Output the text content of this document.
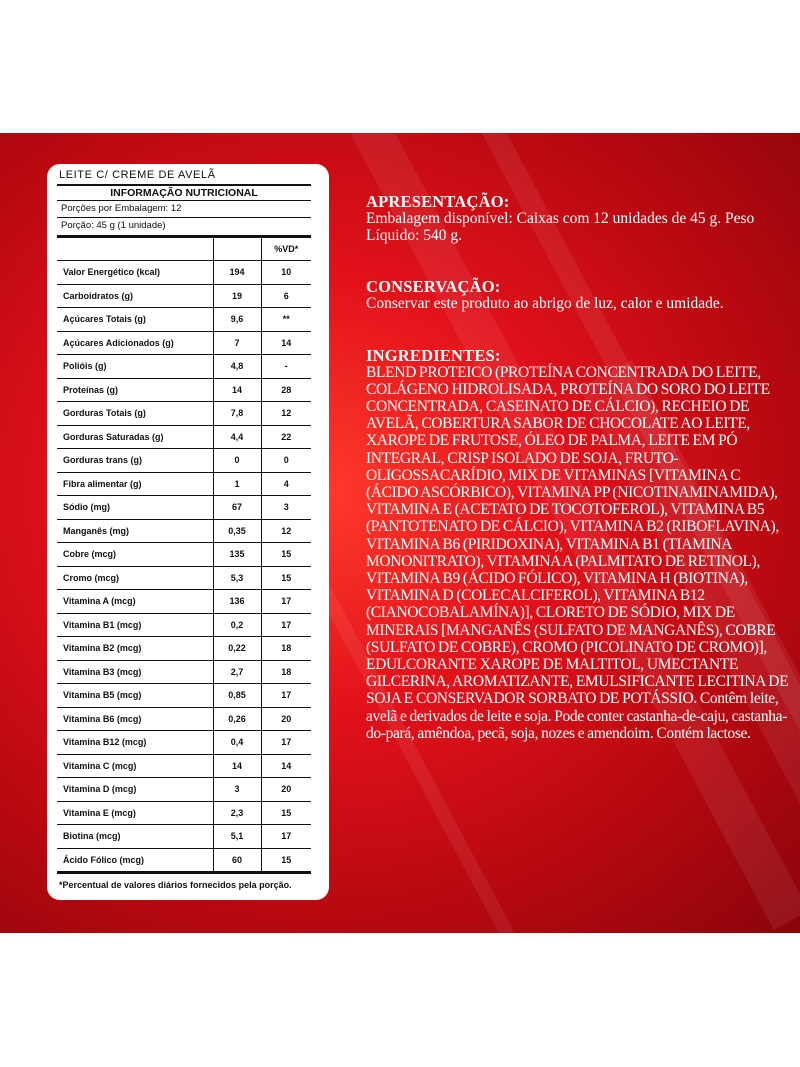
LEITE C/ CREME DE AVELÃ
INFORMAÇÃO NUTRICIONAL
Porções por Embalagem: 12
Porção: 45 g (1 unidade)
		%VD*
Valor Energético (kcal)	194	10
Carboidratos (g)	19	6
Açúcares Totais (g)	9,6	**
Açúcares Adicionados (g)	7	14
Polióis (g)	4,8	-
Proteínas (g)	14	28
Gorduras Totais (g)	7,8	12
Gorduras Saturadas (g)	4,4	22
Gorduras trans (g)	0	0
Fibra alimentar (g)	1	4
Sódio (mg)	67	3
Manganês (mg)	0,35	12
Cobre (mcg)	135	15
Cromo (mcg)	5,3	15
Vitamina A (mcg)	136	17
Vitamina B1 (mcg)	0,2	17
Vitamina B2 (mcg)	0,22	18
Vitamina B3 (mcg)	2,7	18
Vitamina B5 (mcg)	0,85	17
Vitamina B6 (mcg)	0,26	20
Vitamina B12 (mcg)	0,4	17
Vitamina C (mcg)	14	14
Vitamina D (mcg)	3	20
Vitamina E (mcg)	2,3	15
Biotina (mcg)	5,1	17
Ácido Fólico (mcg)	60	15
*Percentual de valores diários fornecidos pela porção.
APRESENTAÇÃO:
Embalagem disponível: Caixas com 12 unidades de 45 g. Peso Líquido: 540 g.
CONSERVAÇÃO:
Conservar este produto ao abrigo de luz, calor e umidade.
INGREDIENTES:
BLEND PROTEICO (PROTEÍNA CONCENTRADA DO LEITE, COLÁGENO HIDROLISADA, PROTEÍNA DO SORO DO LEITE CONCENTRADA, CASEINATO DE CÁLCIO), RECHEIO DE AVELÃ, COBERTURA SABOR DE CHOCOLATE AO LEITE, XAROPE DE FRUTOSE, ÓLEO DE PALMA, LEITE EM PÓ INTEGRAL, CRISP ISOLADO DE SOJA, FRUTO-OLIGOSSACARÍDIO, MIX DE VITAMINAS [VITAMINA C (ÁCIDO ASCÓRBICO), VITAMINA PP (NICOTINAMINAMIDA), VITAMINA E (ACETATO DE TOCOTOFEROL), VITAMINA B5 (PANTOTENATO DE CÁLCIO), VITAMINA B2 (RIBOFLAVINA), VITAMINA B6 (PIRIDOXINA), VITAMINA B1 (TIAMINA MONONITRATO), VITAMINA A (PALMITATO DE RETINOL), VITAMINA B9 (ÁCIDO FÓLICO), VITAMINA H (BIOTINA), VITAMINA D (COLECALCIFEROL), VITAMINA B12 (CIANOCOBALAMÍNA)], CLORETO DE SÓDIO, MIX DE MINERAIS [MANGANÊS (SULFATO DE MANGANÊS), COBRE (SULFATO DE COBRE), CROMO (PICOLINATO DE CROMO)], EDULCORANTE XAROPE DE MALTITOL, UMECTANTE GILCERINA, AROMATIZANTE, EMULSIFICANTE LECITINA DE SOJA E CONSERVADOR SORBATO DE POTÁSSIO. Contêm leite, avelã e derivados de leite e soja. Pode conter castanha-de-caju, castanha-do-pará, amêndoa, pecã, soja, nozes e amendoim. Contém lactose.
